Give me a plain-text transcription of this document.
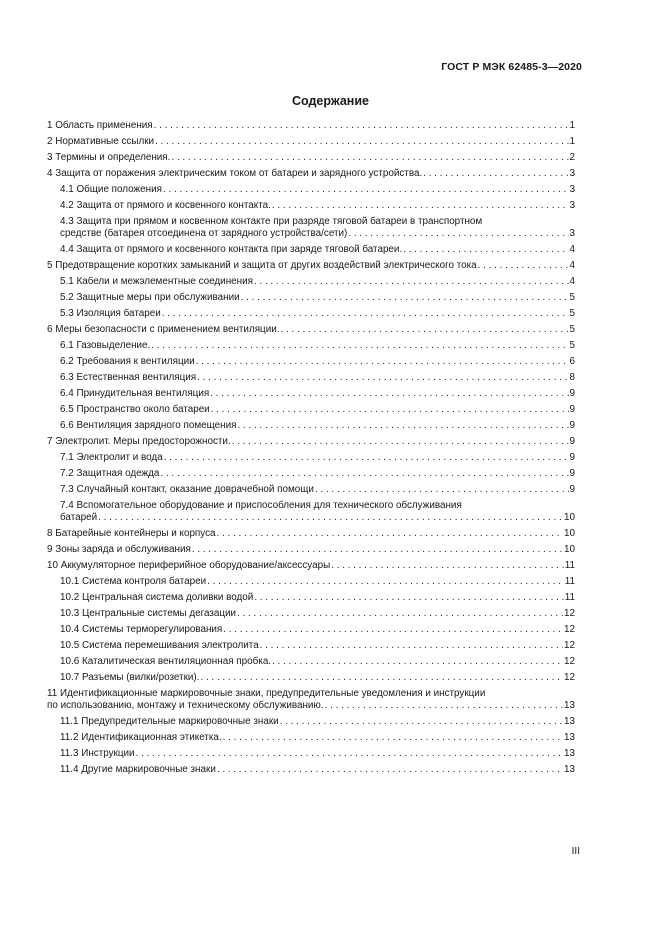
ГОСТ Р МЭК 62485-3—2020
Содержание
1 Область применения . . .	1
2 Нормативные ссылки . . .	1
3 Термины и определения. . . .	2
4 Защита от поражения электрическим током от батареи и зарядного устройства. . . .	3
4.1 Общие положения . . .	3
4.2 Защита от прямого и косвенного контакта. . . .	3
4.3 Защита при прямом и косвенном контакте при разряде тяговой батареи в транспортном
средстве (батарея отсоединена от зарядного устройства/сети) . . .	3
4.4 Защита от прямого и косвенного контакта при заряде тяговой батареи. . . .	4
5 Предотвращение коротких замыканий и защита от других воздействий электрического тока . . .	4
5.1 Кабели и межэлементные соединения . . .	4
5.2 Защитные меры при обслуживании . . .	5
5.3 Изоляция батареи . . .	5
6 Меры безопасности с применением вентиляции. . . .	5
6.1 Газовыделение. . . .	5
6.2 Требования к вентиляции . . .	6
6.3 Естественная вентиляция . . .	8
6.4 Принудительная вентиляция . . .	9
6.5 Пространство около батареи . . .	9
6.6 Вентиляция зарядного помещения . . .	9
7 Электролит. Меры предосторожности. . . .	9
7.1 Электролит и вода . . .	9
7.2 Защитная одежда . . .	9
7.3 Случайный контакт, оказание доврачебной помощи . . .	9
7.4 Вспомогательное оборудование и приспособления для технического обслуживания
батарей . . .	10
8 Батарейные контейнеры и корпуса . . .	10
9 Зоны заряда и обслуживания . . .	10
10 Аккумуляторное периферийное оборудование/аксессуары . . .	11
10.1 Система контроля батареи . . .	11
10.2 Центральная система доливки водой . . .	11
10.3 Центральные системы дегазации . . .	12
10.4 Системы терморегулирования . . .	12
10.5 Система перемешивания электролита . . .	12
10.6 Каталитическая вентиляционная пробка. . . .	12
10.7 Разъемы (вилки/розетки). . . .	12
11 Идентификационные маркировочные знаки, предупредительные уведомления и инструкции
по использованию, монтажу и техническому обслуживанию. . . .	13
11.1 Предупредительные маркировочные знаки . . .	13
11.2 Идентификационная этикетка. . . .	13
11.3 Инструкции . . .	13
11.4 Другие маркировочные знаки . . .	13
III
